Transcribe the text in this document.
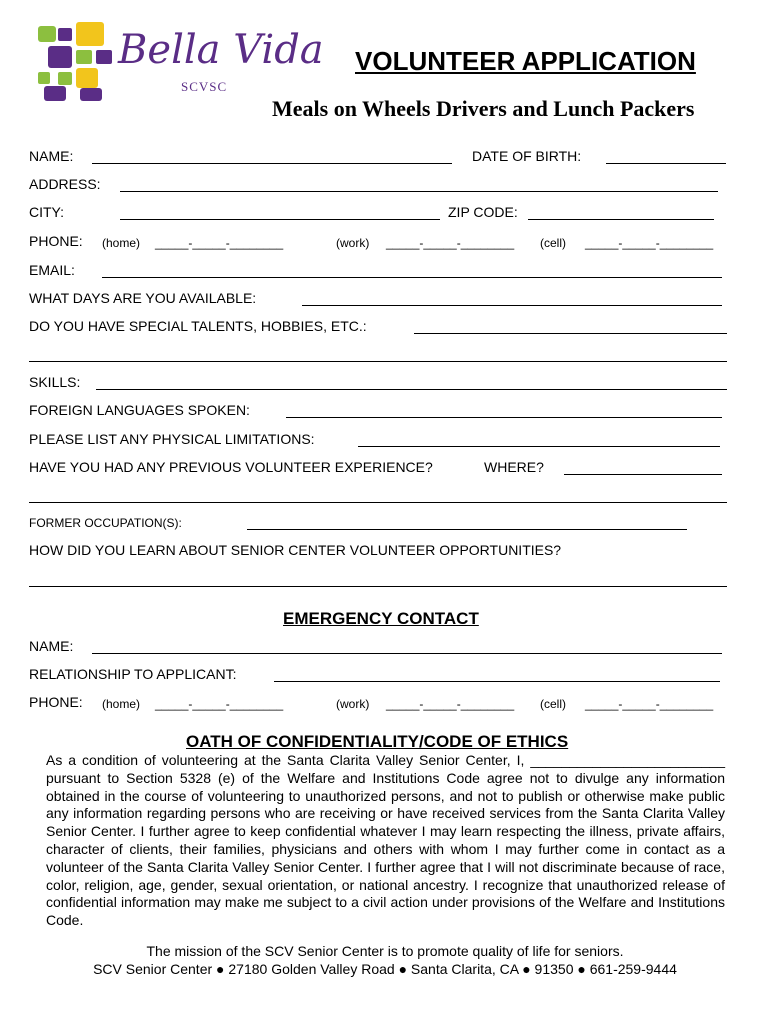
Bella Vida
SCVSC
VOLUNTEER APPLICATION
Meals on Wheels Drivers and Lunch Packers
NAME:	DATE OF BIRTH:
ADDRESS:
CITY:	ZIP CODE:
PHONE: (home) _____-_____-________	(work) _____-_____-________ (cell) _____-_____-________
EMAIL:
WHAT DAYS ARE YOU AVAILABLE:
DO YOU HAVE SPECIAL TALENTS, HOBBIES, ETC.:
SKILLS:
FOREIGN LANGUAGES SPOKEN:
PLEASE LIST ANY PHYSICAL LIMITATIONS:
HAVE YOU HAD ANY PREVIOUS VOLUNTEER EXPERIENCE?	WHERE?
FORMER OCCUPATION(S):
HOW DID YOU LEARN ABOUT SENIOR CENTER VOLUNTEER OPPORTUNITIES?
EMERGENCY CONTACT
NAME:
RELATIONSHIP TO APPLICANT:
PHONE: (home) _____-_____-________	(work) _____-_____-________ (cell) _____-_____-________
OATH OF CONFIDENTIALITY/CODE OF ETHICS
As a condition of volunteering at the Santa Clarita Valley Senior Center, I, _________________________ pursuant to Section 5328 (e) of the Welfare and Institutions Code agree not to divulge any information obtained in the course of volunteering to unauthorized persons, and not to publish or otherwise make public any information regarding persons who are receiving or have received services from the Santa Clarita Valley Senior Center. I further agree to keep confidential whatever I may learn respecting the illness, private affairs, character of clients, their families, physicians and others with whom I may further come in contact as a volunteer of the Santa Clarita Valley Senior Center. I further agree that I will not discriminate because of race, color, religion, age, gender, sexual orientation, or national ancestry. I recognize that unauthorized release of confidential information may make me subject to a civil action under provisions of the Welfare and Institutions Code.
The mission of the SCV Senior Center is to promote quality of life for seniors.
SCV Senior Center ● 27180 Golden Valley Road ● Santa Clarita, CA ● 91350 ● 661-259-9444
